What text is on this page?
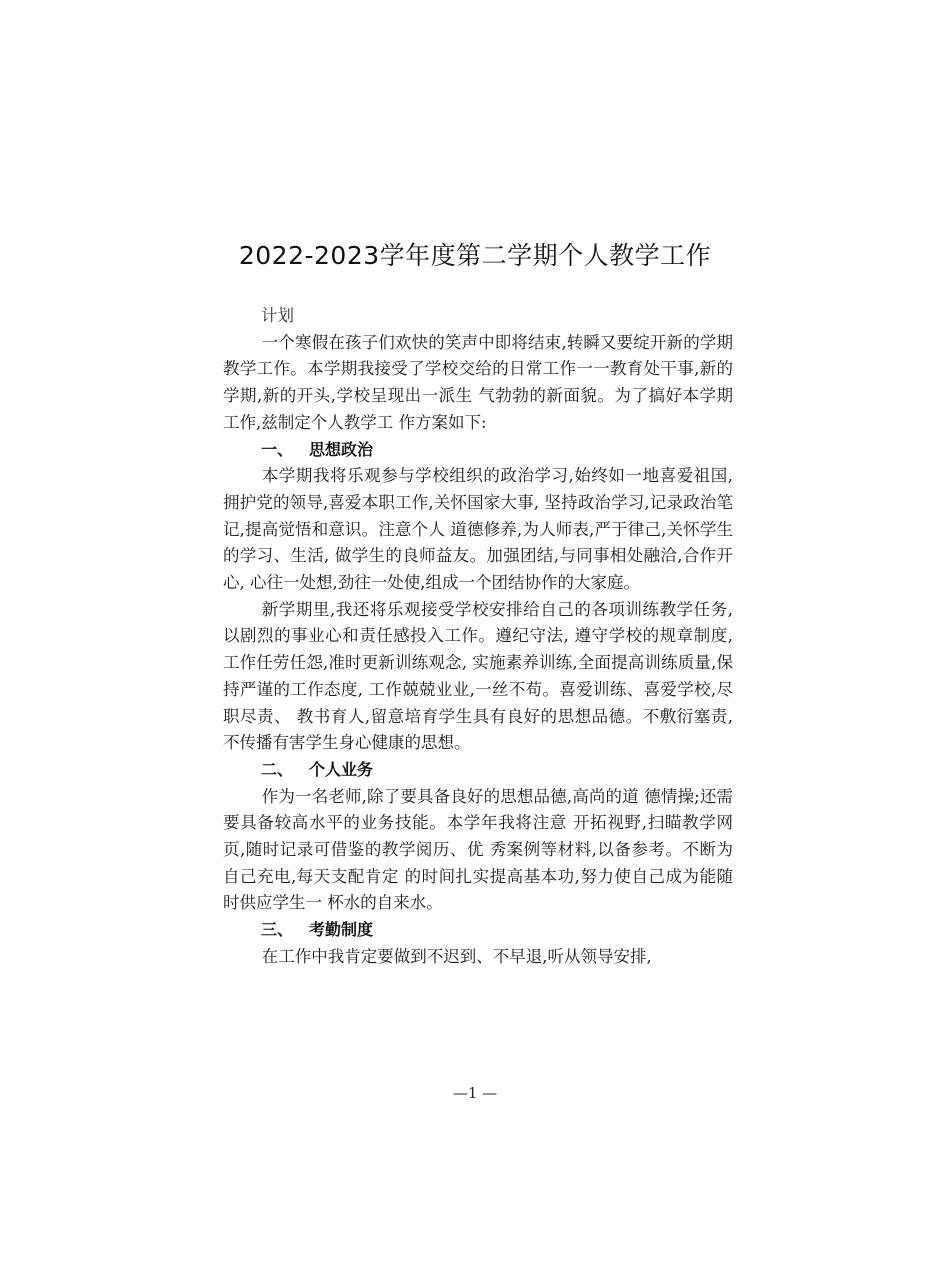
2022-2023学年度第二学期个人教学工作

计划

一个寒假在孩子们欢快的笑声中即将结束,转瞬又要绽开新的学期教学工作。本学期我接受了学校交给的日常工作一一教育处干事,新的学期,新的开头,学校呈现出一派生 气勃勃的新面貌。为了搞好本学期工作,兹制定个人教学工 作方案如下:

一、 思想政治

本学期我将乐观参与学校组织的政治学习,始终如一地喜爱祖国,拥护党的领导,喜爱本职工作,关怀国家大事, 坚持政治学习,记录政治笔记,提高觉悟和意识。注意个人 道德修养,为人师表,严于律己,关怀学生的学习、生活, 做学生的良师益友。加强团结,与同事相处融洽,合作开心, 心往一处想,劲往一处使,组成一个团结协作的大家庭。

新学期里,我还将乐观接受学校安排给自己的各项训练教学任务,以剧烈的事业心和责任感投入工作。遵纪守法, 遵守学校的规章制度,工作任劳任怨,准时更新训练观念, 实施素养训练,全面提高训练质量,保持严谨的工作态度, 工作兢兢业业,一丝不苟。喜爱训练、喜爱学校,尽职尽责、 教书育人,留意培育学生具有良好的思想品德。不敷衍塞责, 不传播有害学生身心健康的思想。

二、 个人业务

作为一名老师,除了要具备良好的思想品德,高尚的道 德情操;还需要具备较高水平的业务技能。本学年我将注意 开拓视野,扫瞄教学网页,随时记录可借鉴的教学阅历、优 秀案例等材料,以备参考。不断为自己充电,每天支配肯定 的时间扎实提高基本功,努力使自己成为能随时供应学生一 杯水的自来水。

三、 考勤制度

在工作中我肯定要做到不迟到、不早退,听从领导安排,

—1 —
